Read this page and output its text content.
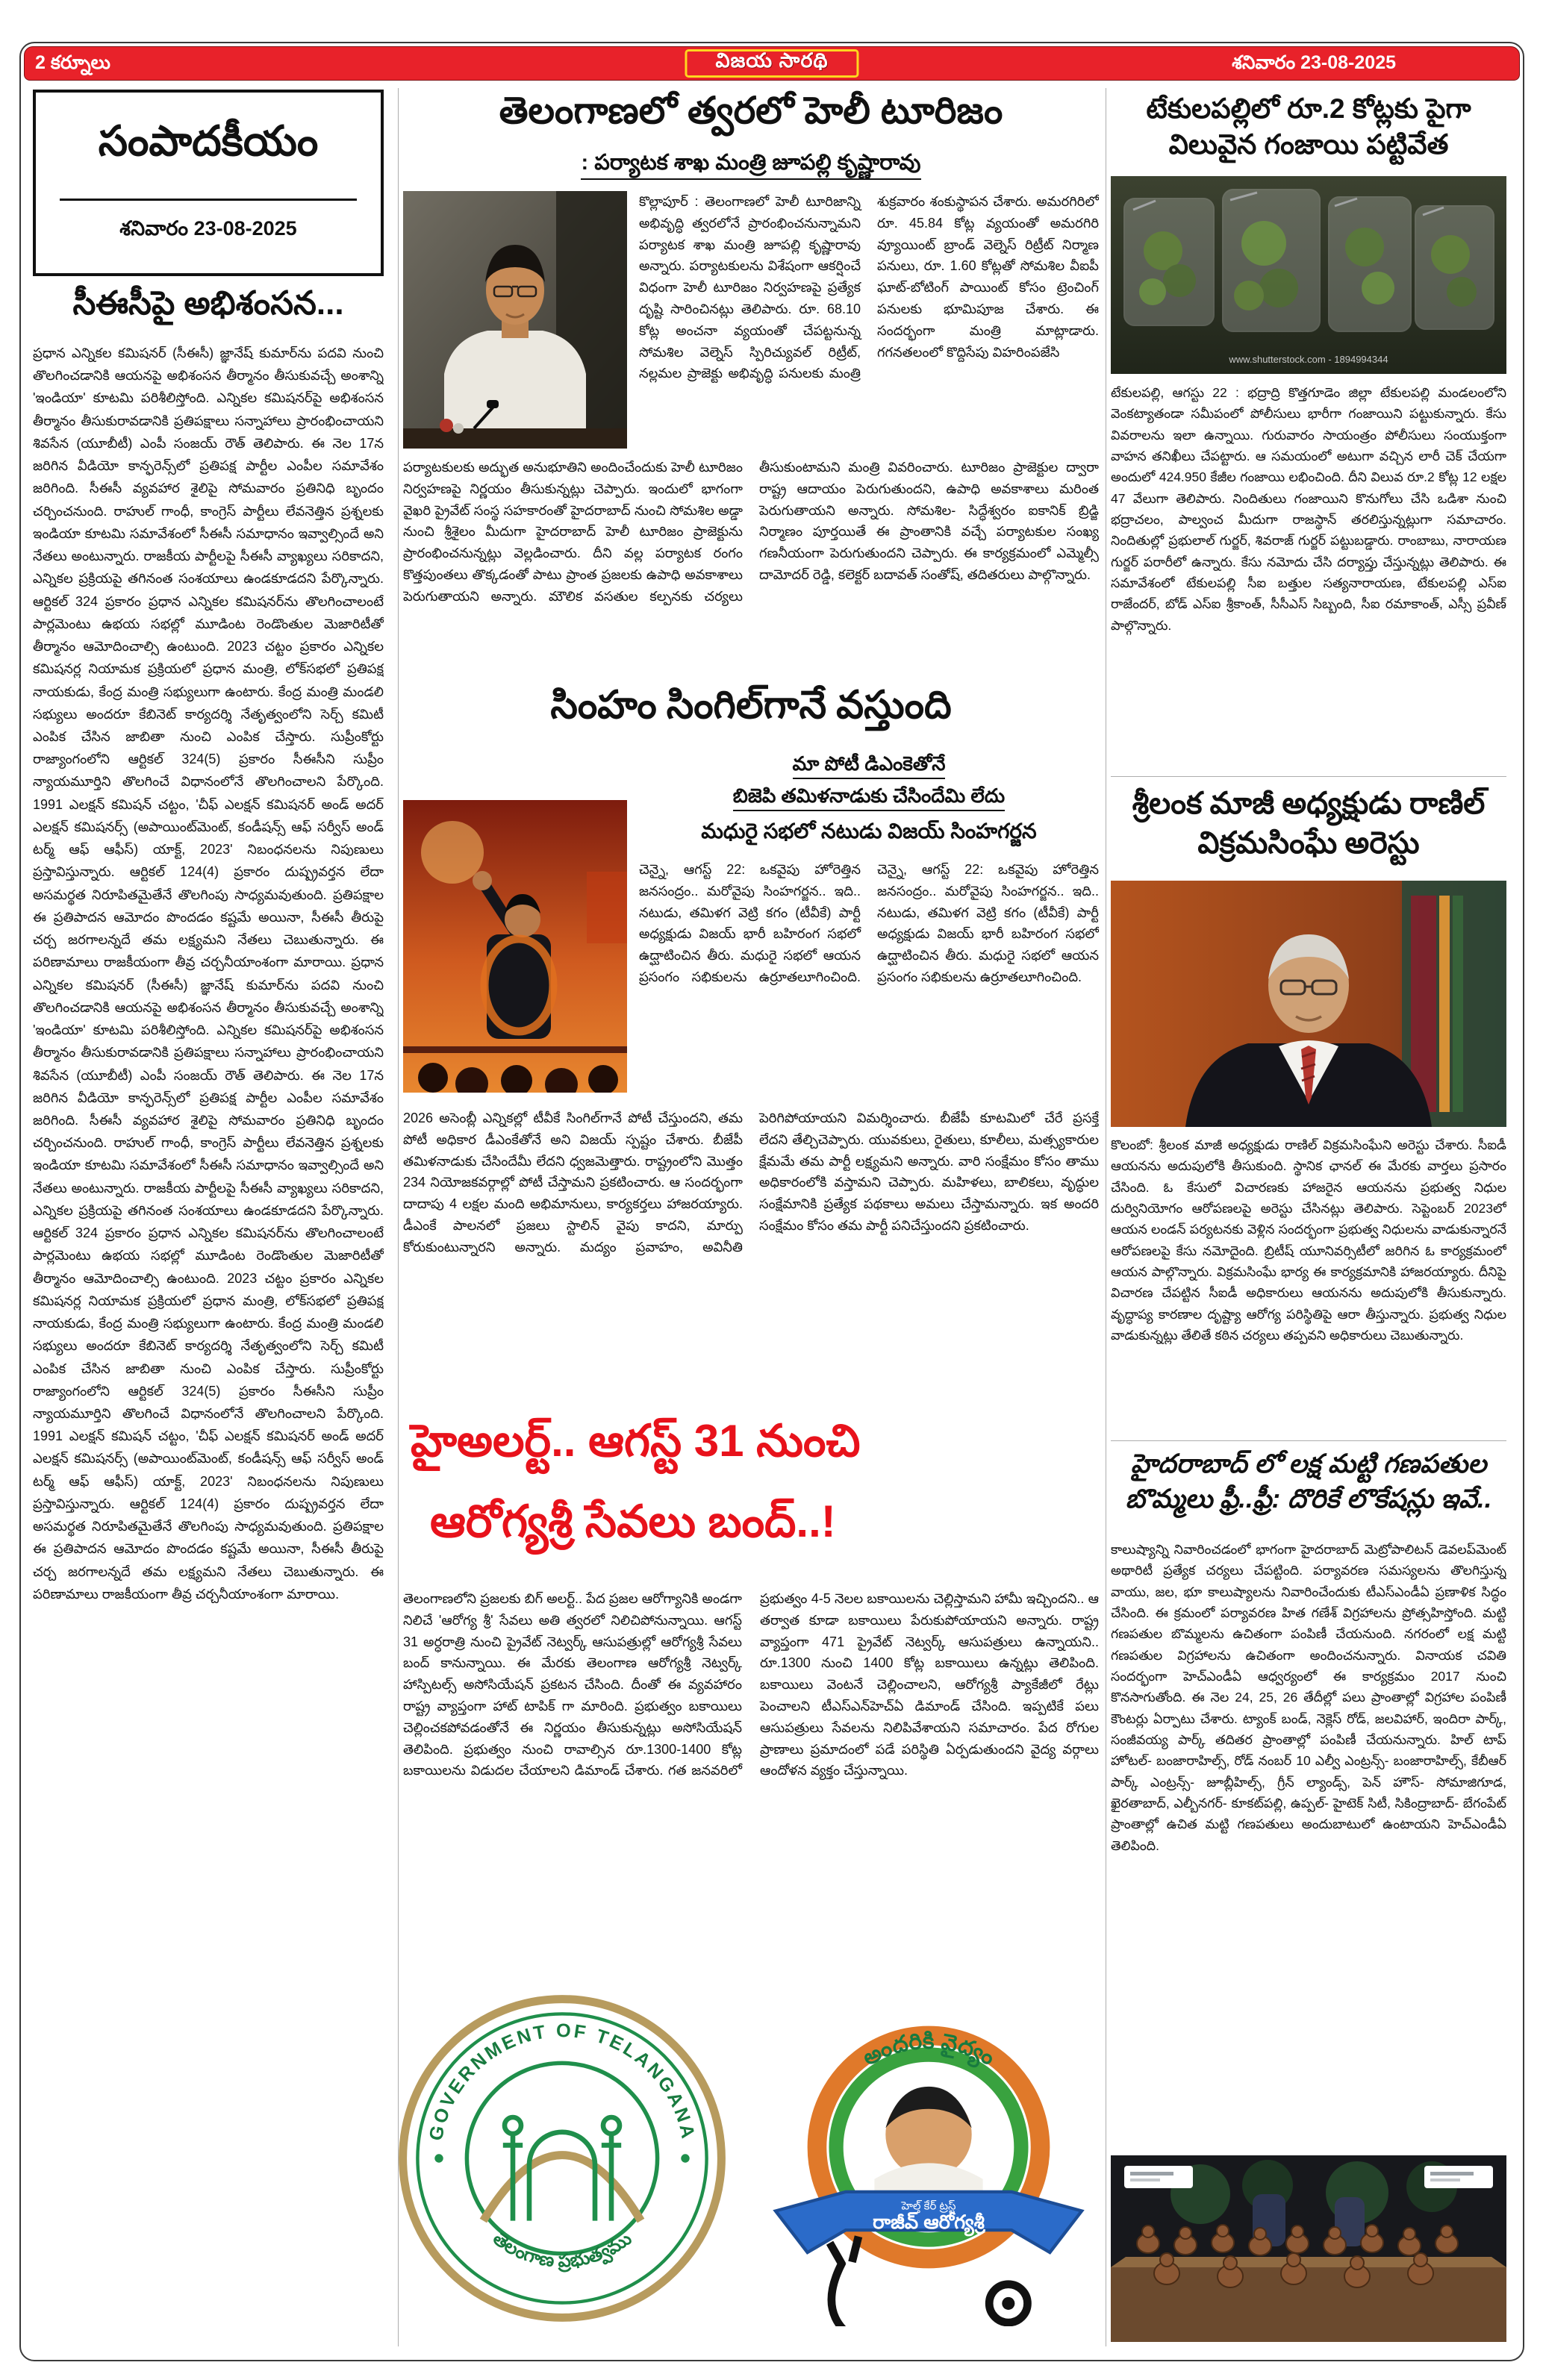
2 కర్నూలు	విజయ సారథి	శనివారం 23-08-2025
సంపాదకీయం
శనివారం 23-08-2025
సీఈసీపై అభిశంసన...
ప్రధాన ఎన్నికల కమిషనర్ (సీఈసీ) జ్ఞానేష్ కుమార్‌ను పదవి నుంచి తొలగించడానికి ఆయనపై అభిశంసన తీర్మానం తీసుకువచ్చే అంశాన్ని 'ఇండియా' కూటమి పరిశీలిస్తోంది. ఎన్నికల కమిషనర్‌పై అభిశంసన తీర్మానం తీసుకురావడానికి ప్రతిపక్షాలు సన్నాహాలు ప్రారంభించాయని శివసేన (యూబీటీ) ఎంపీ సంజయ్ రౌత్ తెలిపారు. ఈ నెల 17న జరిగిన వీడియో కాన్ఫరెన్స్‌లో ప్రతిపక్ష పార్టీల ఎంపీల సమావేశం జరిగింది. సీఈసీ వ్యవహార శైలిపై సోమవారం ప్రతినిధి బృందం చర్చించనుంది. రాహుల్ గాంధీ, కాంగ్రెస్ పార్టీలు లేవనెత్తిన ప్రశ్నలకు ఇండియా కూటమి సమావేశంలో సీఈసీ సమాధానం ఇవ్వాల్సిందే అని నేతలు అంటున్నారు. రాజకీయ పార్టీలపై సీఈసీ వ్యాఖ్యలు సరికాదని, ఎన్నికల ప్రక్రియపై తగినంత సంశయాలు ఉండకూడదని పేర్కొన్నారు. ఆర్టికల్ 324 ప్రకారం ప్రధాన ఎన్నికల కమిషనర్‌ను తొలగించాలంటే పార్లమెంటు ఉభయ సభల్లో మూడింట రెండొంతుల మెజారిటీతో తీర్మానం ఆమోదించాల్సి ఉంటుంది. 2023 చట్టం ప్రకారం ఎన్నికల కమిషనర్ల నియామక ప్రక్రియలో ప్రధాన మంత్రి, లోక్‌సభలో ప్రతిపక్ష నాయకుడు, కేంద్ర మంత్రి సభ్యులుగా ఉంటారు. కేంద్ర మంత్రి మండలి సభ్యులు అందరూ కేబినెట్ కార్యదర్శి నేతృత్వంలోని సెర్చ్ కమిటీ ఎంపిక చేసిన జాబితా నుంచి ఎంపిక చేస్తారు. సుప్రీంకోర్టు రాజ్యాంగంలోని ఆర్టికల్ 324(5) ప్రకారం సీఈసీని సుప్రీం న్యాయమూర్తిని తొలగించే విధానంలోనే తొలగించాలని పేర్కొంది. 1991 ఎలక్షన్ కమిషన్ చట్టం, 'చీఫ్ ఎలక్షన్ కమిషనర్ అండ్ అదర్ ఎలక్షన్ కమిషనర్స్ (అపాయింట్‌మెంట్, కండీషన్స్ ఆఫ్ సర్వీస్ అండ్ టర్మ్ ఆఫ్ ఆఫీస్) యాక్ట్, 2023' నిబంధనలను నిపుణులు ప్రస్తావిస్తున్నారు. ఆర్టికల్ 124(4) ప్రకారం దుష్ప్రవర్తన లేదా అసమర్థత నిరూపితమైతేనే తొలగింపు సాధ్యమవుతుంది. ప్రతిపక్షాల ఈ ప్రతిపాదన ఆమోదం పొందడం కష్టమే అయినా, సీఈసీ తీరుపై చర్చ జరగాలన్నదే తమ లక్ష్యమని నేతలు చెబుతున్నారు. ఈ పరిణామాలు రాజకీయంగా తీవ్ర చర్చనీయాంశంగా మారాయి. ప్రధాన ఎన్నికల కమిషనర్ (సీఈసీ) జ్ఞానేష్ కుమార్‌ను పదవి నుంచి తొలగించడానికి ఆయనపై అభిశంసన తీర్మానం తీసుకువచ్చే అంశాన్ని 'ఇండియా' కూటమి పరిశీలిస్తోంది. ఎన్నికల కమిషనర్‌పై అభిశంసన తీర్మానం తీసుకురావడానికి ప్రతిపక్షాలు సన్నాహాలు ప్రారంభించాయని శివసేన (యూబీటీ) ఎంపీ సంజయ్ రౌత్ తెలిపారు. ఈ నెల 17న జరిగిన వీడియో కాన్ఫరెన్స్‌లో ప్రతిపక్ష పార్టీల ఎంపీల సమావేశం జరిగింది. సీఈసీ వ్యవహార శైలిపై సోమవారం ప్రతినిధి బృందం చర్చించనుంది. రాహుల్ గాంధీ, కాంగ్రెస్ పార్టీలు లేవనెత్తిన ప్రశ్నలకు ఇండియా కూటమి సమావేశంలో సీఈసీ సమాధానం ఇవ్వాల్సిందే అని నేతలు అంటున్నారు. రాజకీయ పార్టీలపై సీఈసీ వ్యాఖ్యలు సరికాదని, ఎన్నికల ప్రక్రియపై తగినంత సంశయాలు ఉండకూడదని పేర్కొన్నారు. ఆర్టికల్ 324 ప్రకారం ప్రధాన ఎన్నికల కమిషనర్‌ను తొలగించాలంటే పార్లమెంటు ఉభయ సభల్లో మూడింట రెండొంతుల మెజారిటీతో తీర్మానం ఆమోదించాల్సి ఉంటుంది. 2023 చట్టం ప్రకారం ఎన్నికల కమిషనర్ల నియామక ప్రక్రియలో ప్రధాన మంత్రి, లోక్‌సభలో ప్రతిపక్ష నాయకుడు, కేంద్ర మంత్రి సభ్యులుగా ఉంటారు. కేంద్ర మంత్రి మండలి సభ్యులు అందరూ కేబినెట్ కార్యదర్శి నేతృత్వంలోని సెర్చ్ కమిటీ ఎంపిక చేసిన జాబితా నుంచి ఎంపిక చేస్తారు. సుప్రీంకోర్టు రాజ్యాంగంలోని ఆర్టికల్ 324(5) ప్రకారం సీఈసీని సుప్రీం న్యాయమూర్తిని తొలగించే విధానంలోనే తొలగించాలని పేర్కొంది. 1991 ఎలక్షన్ కమిషన్ చట్టం, 'చీఫ్ ఎలక్షన్ కమిషనర్ అండ్ అదర్ ఎలక్షన్ కమిషనర్స్ (అపాయింట్‌మెంట్, కండీషన్స్ ఆఫ్ సర్వీస్ అండ్ టర్మ్ ఆఫ్ ఆఫీస్) యాక్ట్, 2023' నిబంధనలను నిపుణులు ప్రస్తావిస్తున్నారు. ఆర్టికల్ 124(4) ప్రకారం దుష్ప్రవర్తన లేదా అసమర్థత నిరూపితమైతేనే తొలగింపు సాధ్యమవుతుంది. ప్రతిపక్షాల ఈ ప్రతిపాదన ఆమోదం పొందడం కష్టమే అయినా, సీఈసీ తీరుపై చర్చ జరగాలన్నదే తమ లక్ష్యమని నేతలు చెబుతున్నారు. ఈ పరిణామాలు రాజకీయంగా తీవ్ర చర్చనీయాంశంగా మారాయి.
తెలంగాణలో త్వరలో హెలీ టూరిజం
: పర్యాటక శాఖ మంత్రి జూపల్లి కృష్ణారావు
కొల్లాపూర్ : తెలంగాణలో హెలీ టూరిజాన్ని అభివృద్ధి త్వరలోనే ప్రారంభించనున్నామని పర్యాటక శాఖ మంత్రి జూపల్లి కృష్ణారావు అన్నారు. పర్యాటకులను విశేషంగా ఆకర్షించే విధంగా హెలీ టూరిజం నిర్వహణపై ప్రత్యేక దృష్టి సారించినట్లు తెలిపారు. రూ. 68.10 కోట్ల అంచనా వ్యయంతో చేపట్టనున్న సోమశిల వెల్నెస్ స్పిరిచ్యువల్ రిట్రీట్, నల్లమల ప్రాజెక్టు అభివృద్ధి పనులకు మంత్రి శుక్రవారం శంకుస్థాపన చేశారు. అమరగిరిలో రూ. 45.84 కోట్ల వ్యయంతో అమరగిరి వ్యూయింట్ బ్రాండ్ వెల్నెస్ రిట్రీట్ నిర్మాణ పనులు, రూ. 1.60 కోట్లతో సోమశిల వీఐపీ ఘాట్-బోటింగ్ పాయింట్ కోసం ట్రెంచింగ్ పనులకు భూమిపూజ చేశారు. ఈ సందర్భంగా మంత్రి మాట్లాడారు. గగనతలంలో కొద్దిసేపు విహరింపజేసి
పర్యాటకులకు అద్భుత అనుభూతిని అందించేందుకు హెలీ టూరిజం నిర్వహణపై నిర్ణయం తీసుకున్నట్లు చెప్పారు. ఇందులో భాగంగా వైఖరి ప్రైవేట్ సంస్థ సహకారంతో హైదరాబాద్ నుంచి సోమశిల అడ్డా నుంచి శ్రీశైలం మీదుగా హైదరాబాద్ హెలీ టూరిజం ప్రాజెక్టును ప్రారంభించనున్నట్లు వెల్లడించారు. దీని వల్ల పర్యాటక రంగం కొత్తపుంతలు తొక్కడంతో పాటు ప్రాంత ప్రజలకు ఉపాధి అవకాశాలు పెరుగుతాయని అన్నారు. మౌలిక వసతుల కల్పనకు చర్యలు తీసుకుంటామని మంత్రి వివరించారు. టూరిజం ప్రాజెక్టుల ద్వారా రాష్ట్ర ఆదాయం పెరుగుతుందని, ఉపాధి అవకాశాలు మరింత పెరుగుతాయని అన్నారు. సోమశిల- సిద్ధేశ్వరం ఐకానిక్ బ్రిడ్జి నిర్మాణం పూర్తయితే ఈ ప్రాంతానికి వచ్చే పర్యాటకుల సంఖ్య గణనీయంగా పెరుగుతుందని చెప్పారు. ఈ కార్యక్రమంలో ఎమ్మెల్సీ దామోదర్ రెడ్డి, కలెక్టర్ బదావత్ సంతోష్, తదితరులు పాల్గొన్నారు.
సింహం సింగిల్‌గానే వస్తుంది
మా పోటీ డిఎంకెతోనే
బిజెపి తమిళనాడుకు చేసిందేమి లేదు
మధురై సభలో నటుడు విజయ్ సింహగర్జన
చెన్నై, ఆగస్ట్ 22: ఒకవైపు హోరెత్తిన జనసంద్రం.. మరోవైపు సింహగర్జన.. ఇది.. నటుడు, తమిళగ వెట్రి కగం (టీవీకే) పార్టీ అధ్యక్షుడు విజయ్ భారీ బహిరంగ సభలో ఉద్ఘాటించిన తీరు. మధురై సభలో ఆయన ప్రసంగం సభికులను ఉర్రూతలూగించింది. చెన్నై, ఆగస్ట్ 22: ఒకవైపు హోరెత్తిన జనసంద్రం.. మరోవైపు సింహగర్జన.. ఇది.. నటుడు, తమిళగ వెట్రి కగం (టీవీకే) పార్టీ అధ్యక్షుడు విజయ్ భారీ బహిరంగ సభలో ఉద్ఘాటించిన తీరు. మధురై సభలో ఆయన ప్రసంగం సభికులను ఉర్రూతలూగించింది.
2026 అసెంబ్లీ ఎన్నికల్లో టీవీకే సింగిల్‌గానే పోటీ చేస్తుందని, తమ పోటీ అధికార డీఎంకేతోనే అని విజయ్ స్పష్టం చేశారు. బీజేపీ తమిళనాడుకు చేసిందేమీ లేదని ధ్వజమెత్తారు. రాష్ట్రంలోని మొత్తం 234 నియోజకవర్గాల్లో పోటీ చేస్తామని ప్రకటించారు. ఆ సందర్భంగా దాదాపు 4 లక్షల మంది అభిమానులు, కార్యకర్తలు హాజరయ్యారు. డీఎంకే పాలనలో ప్రజలు స్టాలిన్ వైపు కాదని, మార్పు కోరుకుంటున్నారని అన్నారు. మద్యం ప్రవాహం, అవినీతి పెరిగిపోయాయని విమర్శించారు. బీజేపీ కూటమిలో చేరే ప్రసక్తే లేదని తేల్చిచెప్పారు. యువకులు, రైతులు, కూలీలు, మత్స్యకారుల క్షేమమే తమ పార్టీ లక్ష్యమని అన్నారు. వారి సంక్షేమం కోసం తాము అధికారంలోకి వస్తామని చెప్పారు. మహిళలు, బాలికలు, వృద్ధుల సంక్షేమానికి ప్రత్యేక పథకాలు అమలు చేస్తామన్నారు. ఇక అందరి సంక్షేమం కోసం తమ పార్టీ పనిచేస్తుందని ప్రకటించారు.
హైఅలర్ట్.. ఆగస్ట్ 31 నుంచి
ఆరోగ్యశ్రీ సేవలు బంద్..!
తెలంగాణలోని ప్రజలకు బిగ్ అలర్ట్.. పేద ప్రజల ఆరోగ్యానికి అండగా నిలిచే 'ఆరోగ్య శ్రీ' సేవలు అతి త్వరలో నిలిచిపోనున్నాయి. ఆగస్ట్ 31 అర్ధరాత్రి నుంచి ప్రైవేట్ నెట్వర్క్ ఆసుపత్రుల్లో ఆరోగ్యశ్రీ సేవలు బంద్ కానున్నాయి. ఈ మేరకు తెలంగాణ ఆరోగ్యశ్రీ నెట్వర్క్ హాస్పిటల్స్ అసోసియేషన్ ప్రకటన చేసింది. దీంతో ఈ వ్యవహారం రాష్ట్ర వ్యాప్తంగా హాట్ టాపిక్ గా మారింది. ప్రభుత్వం బకాయిలు చెల్లించకపోవడంతోనే ఈ నిర్ణయం తీసుకున్నట్లు అసోసియేషన్ తెలిపింది. ప్రభుత్వం నుంచి రావాల్సిన రూ.1300-1400 కోట్ల బకాయిలను విడుదల చేయాలని డిమాండ్ చేశారు. గత జనవరిలో ప్రభుత్వం 4-5 నెలల బకాయిలను చెల్లిస్తామని హామీ ఇచ్చిందని.. ఆ తర్వాత కూడా బకాయిలు పేరుకుపోయాయని అన్నారు. రాష్ట్ర వ్యాప్తంగా 471 ప్రైవేట్ నెట్వర్క్ ఆసుపత్రులు ఉన్నాయని.. రూ.1300 నుంచి 1400 కోట్ల బకాయిలు ఉన్నట్లు తెలిపింది. బకాయిలు వెంటనే చెల్లించాలని, ఆరోగ్యశ్రీ ప్యాకేజీలో రేట్లు పెంచాలని టీఎస్ఎన్‌హెచ్ఏ డిమాండ్ చేసింది. ఇప్పటికే పలు ఆసుపత్రులు సేవలను నిలిపివేశాయని సమాచారం. పేద రోగుల ప్రాణాలు ప్రమాదంలో పడే పరిస్థితి ఏర్పడుతుందని వైద్య వర్గాలు ఆందోళన వ్యక్తం చేస్తున్నాయి.
GOVERNMENT OF TELANGANA
తెలంగాణ ప్రభుత్వము
అందరికి వైద్యం
హెల్త్ కేర్ ట్రస్ట్
రాజీవ్ ఆరోగ్యశ్రీ
టేకులపల్లిలో రూ.2 కోట్లకు పైగా విలువైన గంజాయి పట్టివేత
www.shutterstock.com - 1894994344
టేకులపల్లి, ఆగస్టు 22 : భద్రాద్రి కొత్తగూడెం జిల్లా టేకులపల్లి మండలంలోని వెంకట్యాతండా సమీపంలో పోలీసులు భారీగా గంజాయిని పట్టుకున్నారు. కేసు వివరాలను ఇలా ఉన్నాయి. గురువారం సాయంత్రం పోలీసులు సంయుక్తంగా వాహన తనిఖీలు చేపట్టారు. ఆ సమయంలో అటుగా వచ్చిన లారీ చెక్ చేయగా అందులో 424.950 కేజీల గంజాయి లభించింది. దీని విలువ రూ.2 కోట్ల 12 లక్షల 47 వేలుగా తెలిపారు. నిందితులు గంజాయిని కొనుగోలు చేసి ఒడిశా నుంచి భద్రాచలం, పాల్వంచ మీదుగా రాజస్థాన్ తరలిస్తున్నట్లుగా సమాచారం. నిందితుల్లో ప్రభులాల్ గుర్జర్, శివరాజ్ గుర్జర్ పట్టుబడ్డారు. రాంబాబు, నారాయణ గుర్జర్ పరారీలో ఉన్నారు. కేసు నమోదు చేసి దర్యాప్తు చేస్తున్నట్లు తెలిపారు. ఈ సమావేశంలో టేకులపల్లి సీఐ బత్తుల సత్యనారాయణ, టేకులపల్లి ఎస్ఐ రాజేందర్, బోడ్ ఎస్ఐ శ్రీకాంత్, సీసీఎస్ సిబ్బంది, సీఐ రమాకాంత్, ఎస్సీ ప్రవీణ్ పాల్గొన్నారు.
శ్రీలంక మాజీ అధ్యక్షుడు రాణిల్ విక్రమసింఘే అరెస్టు
కొలంబో: శ్రీలంక మాజీ అధ్యక్షుడు రాణిల్ విక్రమసింఘేని అరెస్టు చేశారు. సీఐడీ ఆయనను అదుపులోకి తీసుకుంది. స్థానిక ఛానల్ ఈ మేరకు వార్తలు ప్రసారం చేసింది. ఓ కేసులో విచారణకు హాజరైన ఆయనను ప్రభుత్వ నిధుల దుర్వినియోగం ఆరోపణలపై అరెస్టు చేసినట్లు తెలిపారు. సెప్టెంబర్ 2023లో ఆయన లండన్ పర్యటనకు వెళ్లిన సందర్భంగా ప్రభుత్వ నిధులను వాడుకున్నారనే ఆరోపణలపై కేసు నమోదైంది. బ్రిటీష్ యూనివర్సిటీలో జరిగిన ఓ కార్యక్రమంలో ఆయన పాల్గొన్నారు. విక్రమసింఘే భార్య ఈ కార్యక్రమానికి హాజరయ్యారు. దీనిపై విచారణ చేపట్టిన సీఐడీ అధికారులు ఆయనను అదుపులోకి తీసుకున్నారు. వృద్ధాప్య కారణాల దృష్ట్యా ఆరోగ్య పరిస్థితిపై ఆరా తీస్తున్నారు. ప్రభుత్వ నిధుల వాడుకున్నట్లు తేలితే కఠిన చర్యలు తప్పవని అధికారులు చెబుతున్నారు.
హైదరాబాద్ లో లక్ష మట్టి గణపతుల బొమ్మలు ఫ్రీ..ఫ్రీ: దొరికే లొకేషన్లు ఇవే..
కాలుష్యాన్ని నివారించడంలో భాగంగా హైదరాబాద్ మెట్రోపాలిటన్ డెవలప్‌మెంట్ అథారిటీ ప్రత్యేక చర్యలు చేపట్టింది. పర్యావరణ సమస్యలను తొలగిస్తున్న వాయు, జల, భూ కాలుష్యాలను నివారించేందుకు టీఎస్ఎండీఏ ప్రణాళిక సిద్ధం చేసింది. ఈ క్రమంలో పర్యావరణ హిత గణేశ్ విగ్రహాలను ప్రోత్సహిస్తోంది. మట్టి గణపతుల బొమ్మలను ఉచితంగా పంపిణీ చేయనుంది. నగరంలో లక్ష మట్టి గణపతుల విగ్రహాలను ఉచితంగా అందించనున్నారు. వినాయక చవితి సందర్భంగా హెచ్ఎండీఏ ఆధ్వర్యంలో ఈ కార్యక్రమం 2017 నుంచి కొనసాగుతోంది. ఈ నెల 24, 25, 26 తేదీల్లో పలు ప్రాంతాల్లో విగ్రహాల పంపిణీ కౌంటర్లు ఏర్పాటు చేశారు. ట్యాంక్ బండ్, నెక్లెస్ రోడ్, జలవిహార్, ఇందిరా పార్క్, సంజీవయ్య పార్క్ తదితర ప్రాంతాల్లో పంపిణీ చేయనున్నారు. హిల్ టాప్ హోటల్- బంజారాహిల్స్, రోడ్ నంబర్ 10 ఎల్వీ ఎంట్రన్స్- బంజారాహిల్స్, కేబీఆర్ పార్క్ ఎంట్రన్స్- జూబ్లీహిల్స్, గ్రీన్ ల్యాండ్స్, పెన్ హౌస్- సోమాజిగూడ, ఖైరతాబాద్, ఎల్బీనగర్- కూకట్‌పల్లి, ఉప్పల్- హైటెక్ సిటీ, సికింద్రాబాద్- బేగంపేట్ ప్రాంతాల్లో ఉచిత మట్టి గణపతులు అందుబాటులో ఉంటాయని హెచ్ఎండీఏ తెలిపింది.
